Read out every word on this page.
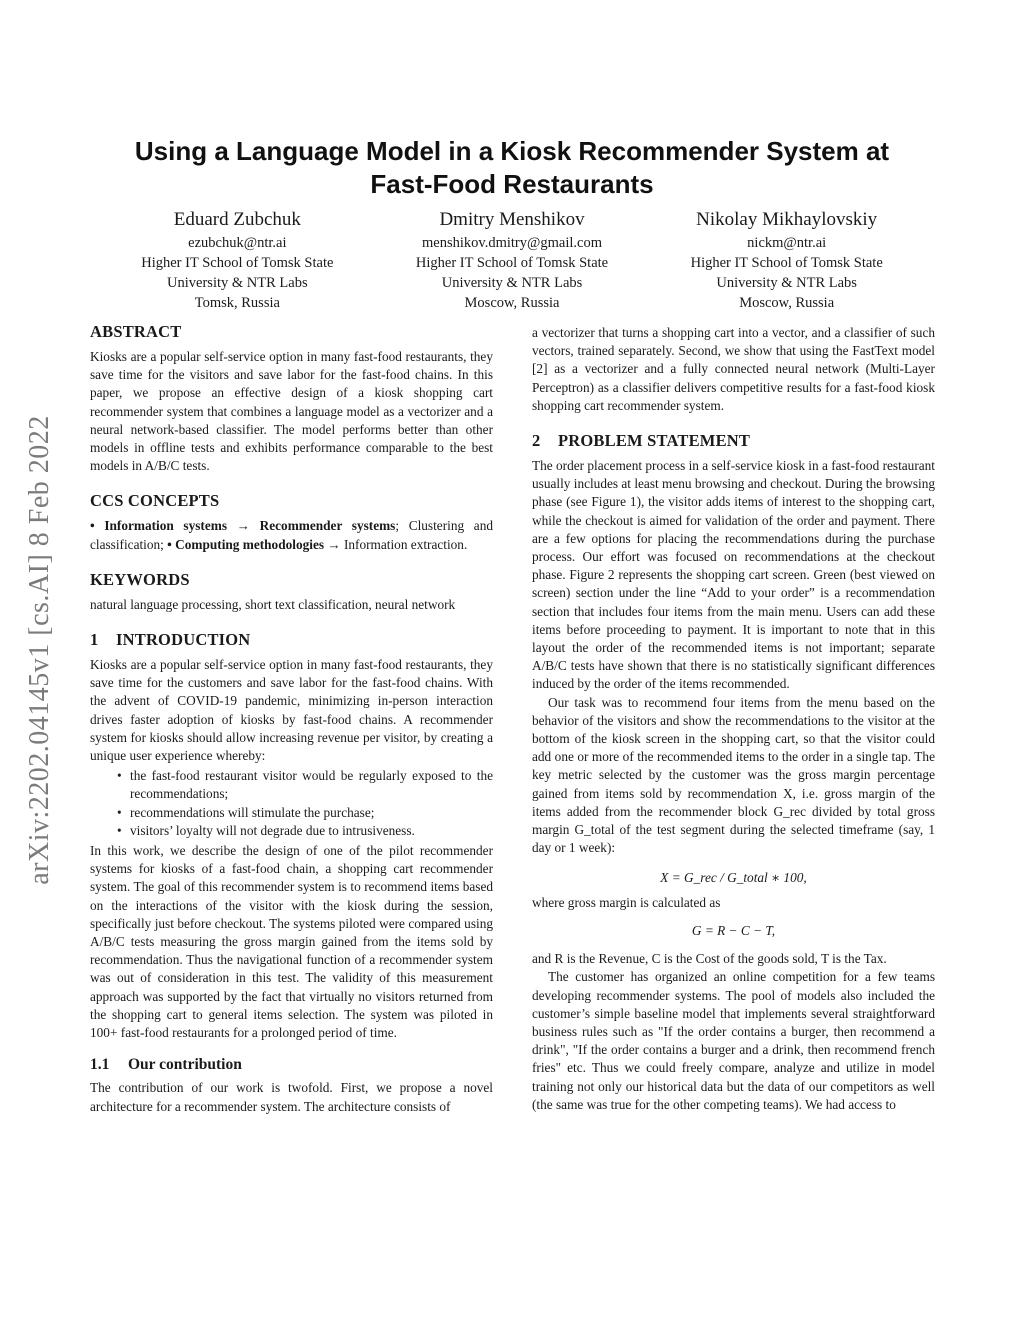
arXiv:2202.04145v1 [cs.AI] 8 Feb 2022
Using a Language Model in a Kiosk Recommender System at
Fast-Food Restaurants
Eduard Zubchuk
ezubchuk@ntr.ai
Higher IT School of Tomsk State
University & NTR Labs
Tomsk, Russia
Dmitry Menshikov
menshikov.dmitry@gmail.com
Higher IT School of Tomsk State
University & NTR Labs
Moscow, Russia
Nikolay Mikhaylovskiy
nickm@ntr.ai
Higher IT School of Tomsk State
University & NTR Labs
Moscow, Russia
ABSTRACT

Kiosks are a popular self-service option in many fast-food restaurants, they save time for the visitors and save labor for the fast-food chains. In this paper, we propose an effective design of a kiosk shopping cart recommender system that combines a language model as a vectorizer and a neural network-based classifier. The model performs better than other models in offline tests and exhibits performance comparable to the best models in A/B/C tests.

CCS CONCEPTS

• Information systems → Recommender systems; Clustering and classification; • Computing methodologies → Information extraction.

KEYWORDS

natural language processing, short text classification, neural network

1 INTRODUCTION

Kiosks are a popular self-service option in many fast-food restaurants, they save time for the customers and save labor for the fast-food chains. With the advent of COVID-19 pandemic, minimizing in-person interaction drives faster adoption of kiosks by fast-food chains. A recommender system for kiosks should allow increasing revenue per visitor, by creating a unique user experience whereby:

• the fast-food restaurant visitor would be regularly exposed to the recommendations;
• recommendations will stimulate the purchase;
• visitors’ loyalty will not degrade due to intrusiveness.

In this work, we describe the design of one of the pilot recommender systems for kiosks of a fast-food chain, a shopping cart recommender system. The goal of this recommender system is to recommend items based on the interactions of the visitor with the kiosk during the session, specifically just before checkout. The systems piloted were compared using A/B/C tests measuring the gross margin gained from the items sold by recommendation. Thus the navigational function of a recommender system was out of consideration in this test. The validity of this measurement approach was supported by the fact that virtually no visitors returned from the shopping cart to general items selection. The system was piloted in 100+ fast-food restaurants for a prolonged period of time.

1.1 Our contribution

The contribution of our work is twofold. First, we propose a novel architecture for a recommender system. The architecture consists of

a vectorizer that turns a shopping cart into a vector, and a classifier of such vectors, trained separately. Second, we show that using the FastText model [2] as a vectorizer and a fully connected neural network (Multi-Layer Perceptron) as a classifier delivers competitive results for a fast-food kiosk shopping cart recommender system.

2 PROBLEM STATEMENT

The order placement process in a self-service kiosk in a fast-food restaurant usually includes at least menu browsing and checkout. During the browsing phase (see Figure 1), the visitor adds items of interest to the shopping cart, while the checkout is aimed for validation of the order and payment. There are a few options for placing the recommendations during the purchase process. Our effort was focused on recommendations at the checkout phase. Figure 2 represents the shopping cart screen. Green (best viewed on screen) section under the line “Add to your order” is a recommendation section that includes four items from the main menu. Users can add these items before proceeding to payment. It is important to note that in this layout the order of the recommended items is not important; separate A/B/C tests have shown that there is no statistically significant differences induced by the order of the items recommended.

Our task was to recommend four items from the menu based on the behavior of the visitors and show the recommendations to the visitor at the bottom of the kiosk screen in the shopping cart, so that the visitor could add one or more of the recommended items to the order in a single tap. The key metric selected by the customer was the gross margin percentage gained from items sold by recommendation X, i.e. gross margin of the items added from the recommender block G_rec divided by total gross margin G_total of the test segment during the selected timeframe (say, 1 day or 1 week):

X = G_rec / G_total ∗ 100,

where gross margin is calculated as

G = R − C − T,

and R is the Revenue, C is the Cost of the goods sold, T is the Tax.

The customer has organized an online competition for a few teams developing recommender systems. The pool of models also included the customer’s simple baseline model that implements several straightforward business rules such as "If the order contains a burger, then recommend a drink", "If the order contains a burger and a drink, then recommend french fries" etc. Thus we could freely compare, analyze and utilize in model training not only our historical data but the data of our competitors as well (the same was true for the other competing teams). We had access to
